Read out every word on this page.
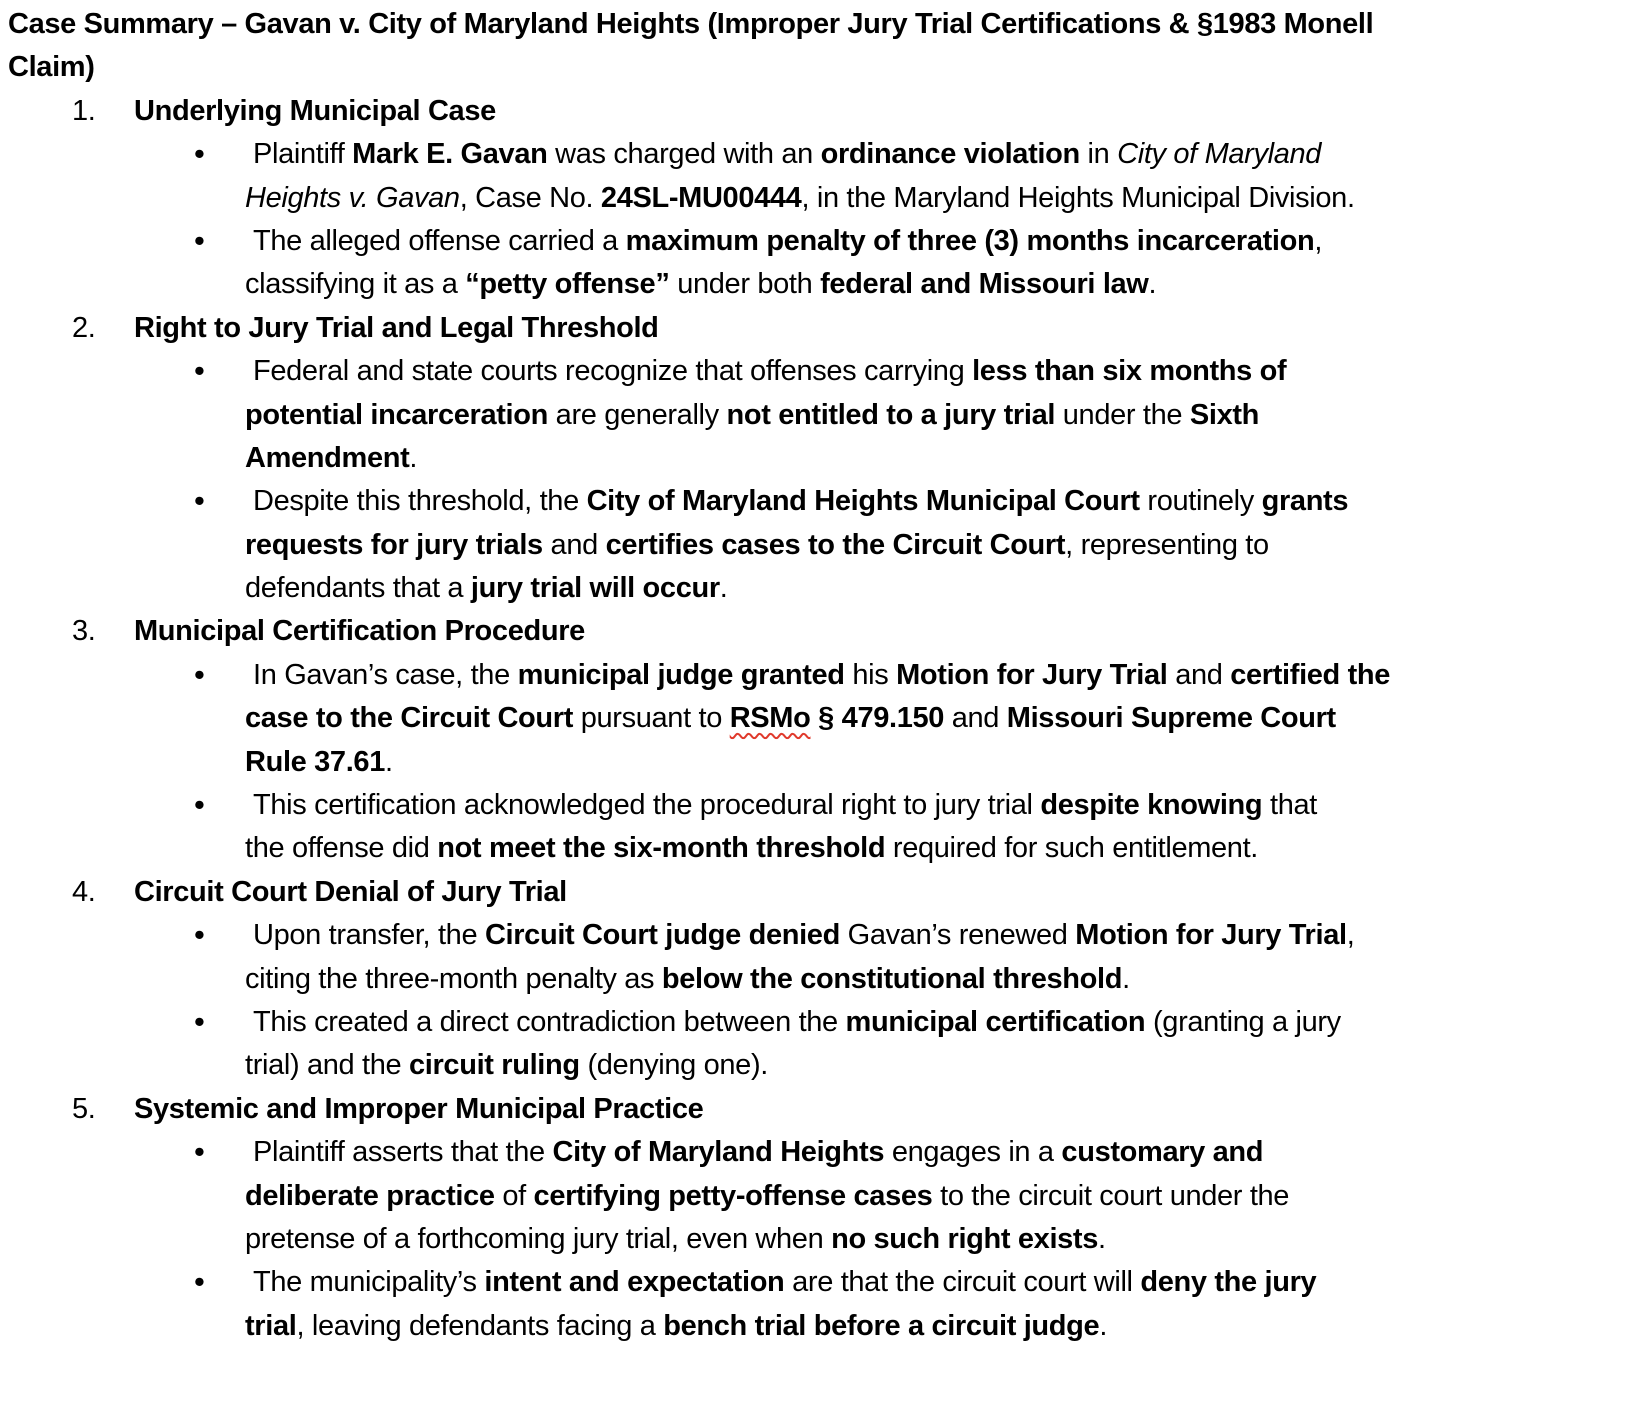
Case Summary – Gavan v. City of Maryland Heights (Improper Jury Trial Certifications & §1983 Monell
Claim)
1. Underlying Municipal Case
• Plaintiff Mark E. Gavan was charged with an ordinance violation in City of Maryland
Heights v. Gavan, Case No. 24SL-MU00444, in the Maryland Heights Municipal Division.
• The alleged offense carried a maximum penalty of three (3) months incarceration,
classifying it as a “petty offense” under both federal and Missouri law.
2. Right to Jury Trial and Legal Threshold
• Federal and state courts recognize that offenses carrying less than six months of
potential incarceration are generally not entitled to a jury trial under the Sixth
Amendment.
• Despite this threshold, the City of Maryland Heights Municipal Court routinely grants
requests for jury trials and certifies cases to the Circuit Court, representing to
defendants that a jury trial will occur.
3. Municipal Certification Procedure
• In Gavan’s case, the municipal judge granted his Motion for Jury Trial and certified the
case to the Circuit Court pursuant to RSMo § 479.150 and Missouri Supreme Court
Rule 37.61.
• This certification acknowledged the procedural right to jury trial despite knowing that
the offense did not meet the six-month threshold required for such entitlement.
4. Circuit Court Denial of Jury Trial
• Upon transfer, the Circuit Court judge denied Gavan’s renewed Motion for Jury Trial,
citing the three-month penalty as below the constitutional threshold.
• This created a direct contradiction between the municipal certification (granting a jury
trial) and the circuit ruling (denying one).
5. Systemic and Improper Municipal Practice
• Plaintiff asserts that the City of Maryland Heights engages in a customary and
deliberate practice of certifying petty-offense cases to the circuit court under the
pretense of a forthcoming jury trial, even when no such right exists.
• The municipality’s intent and expectation are that the circuit court will deny the jury
trial, leaving defendants facing a bench trial before a circuit judge.
